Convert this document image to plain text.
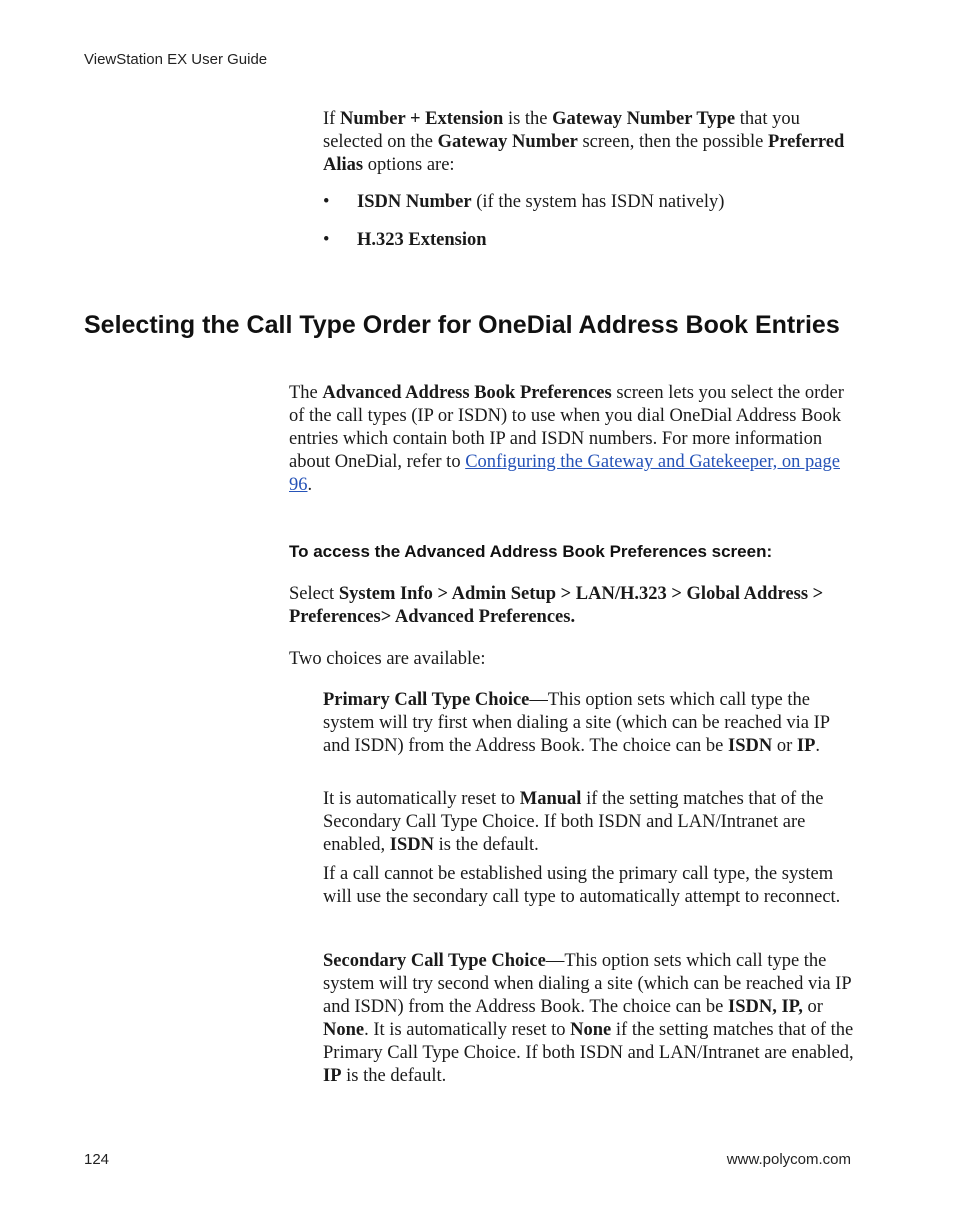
ViewStation EX User Guide

If Number + Extension is the Gateway Number Type that you selected on the Gateway Number screen, then the possible Preferred Alias options are:

• ISDN Number (if the system has ISDN natively)
• H.323 Extension
Selecting the Call Type Order for OneDial Address Book Entries

The Advanced Address Book Preferences screen lets you select the order of the call types (IP or ISDN) to use when you dial OneDial Address Book entries which contain both IP and ISDN numbers. For more information about OneDial, refer to Configuring the Gateway and Gatekeeper, on page 96.

To access the Advanced Address Book Preferences screen:

Select System Info > Admin Setup > LAN/H.323 > Global Address > Preferences> Advanced Preferences.

Two choices are available:

Primary Call Type Choice—This option sets which call type the system will try first when dialing a site (which can be reached via IP and ISDN) from the Address Book. The choice can be ISDN or IP.

It is automatically reset to Manual if the setting matches that of the Secondary Call Type Choice. If both ISDN and LAN/Intranet are enabled, ISDN is the default.

If a call cannot be established using the primary call type, the system will use the secondary call type to automatically attempt to reconnect.

Secondary Call Type Choice—This option sets which call type the system will try second when dialing a site (which can be reached via IP and ISDN) from the Address Book. The choice can be ISDN, IP, or None. It is automatically reset to None if the setting matches that of the Primary Call Type Choice. If both ISDN and LAN/Intranet are enabled, IP is the default.

124	www.polycom.com
